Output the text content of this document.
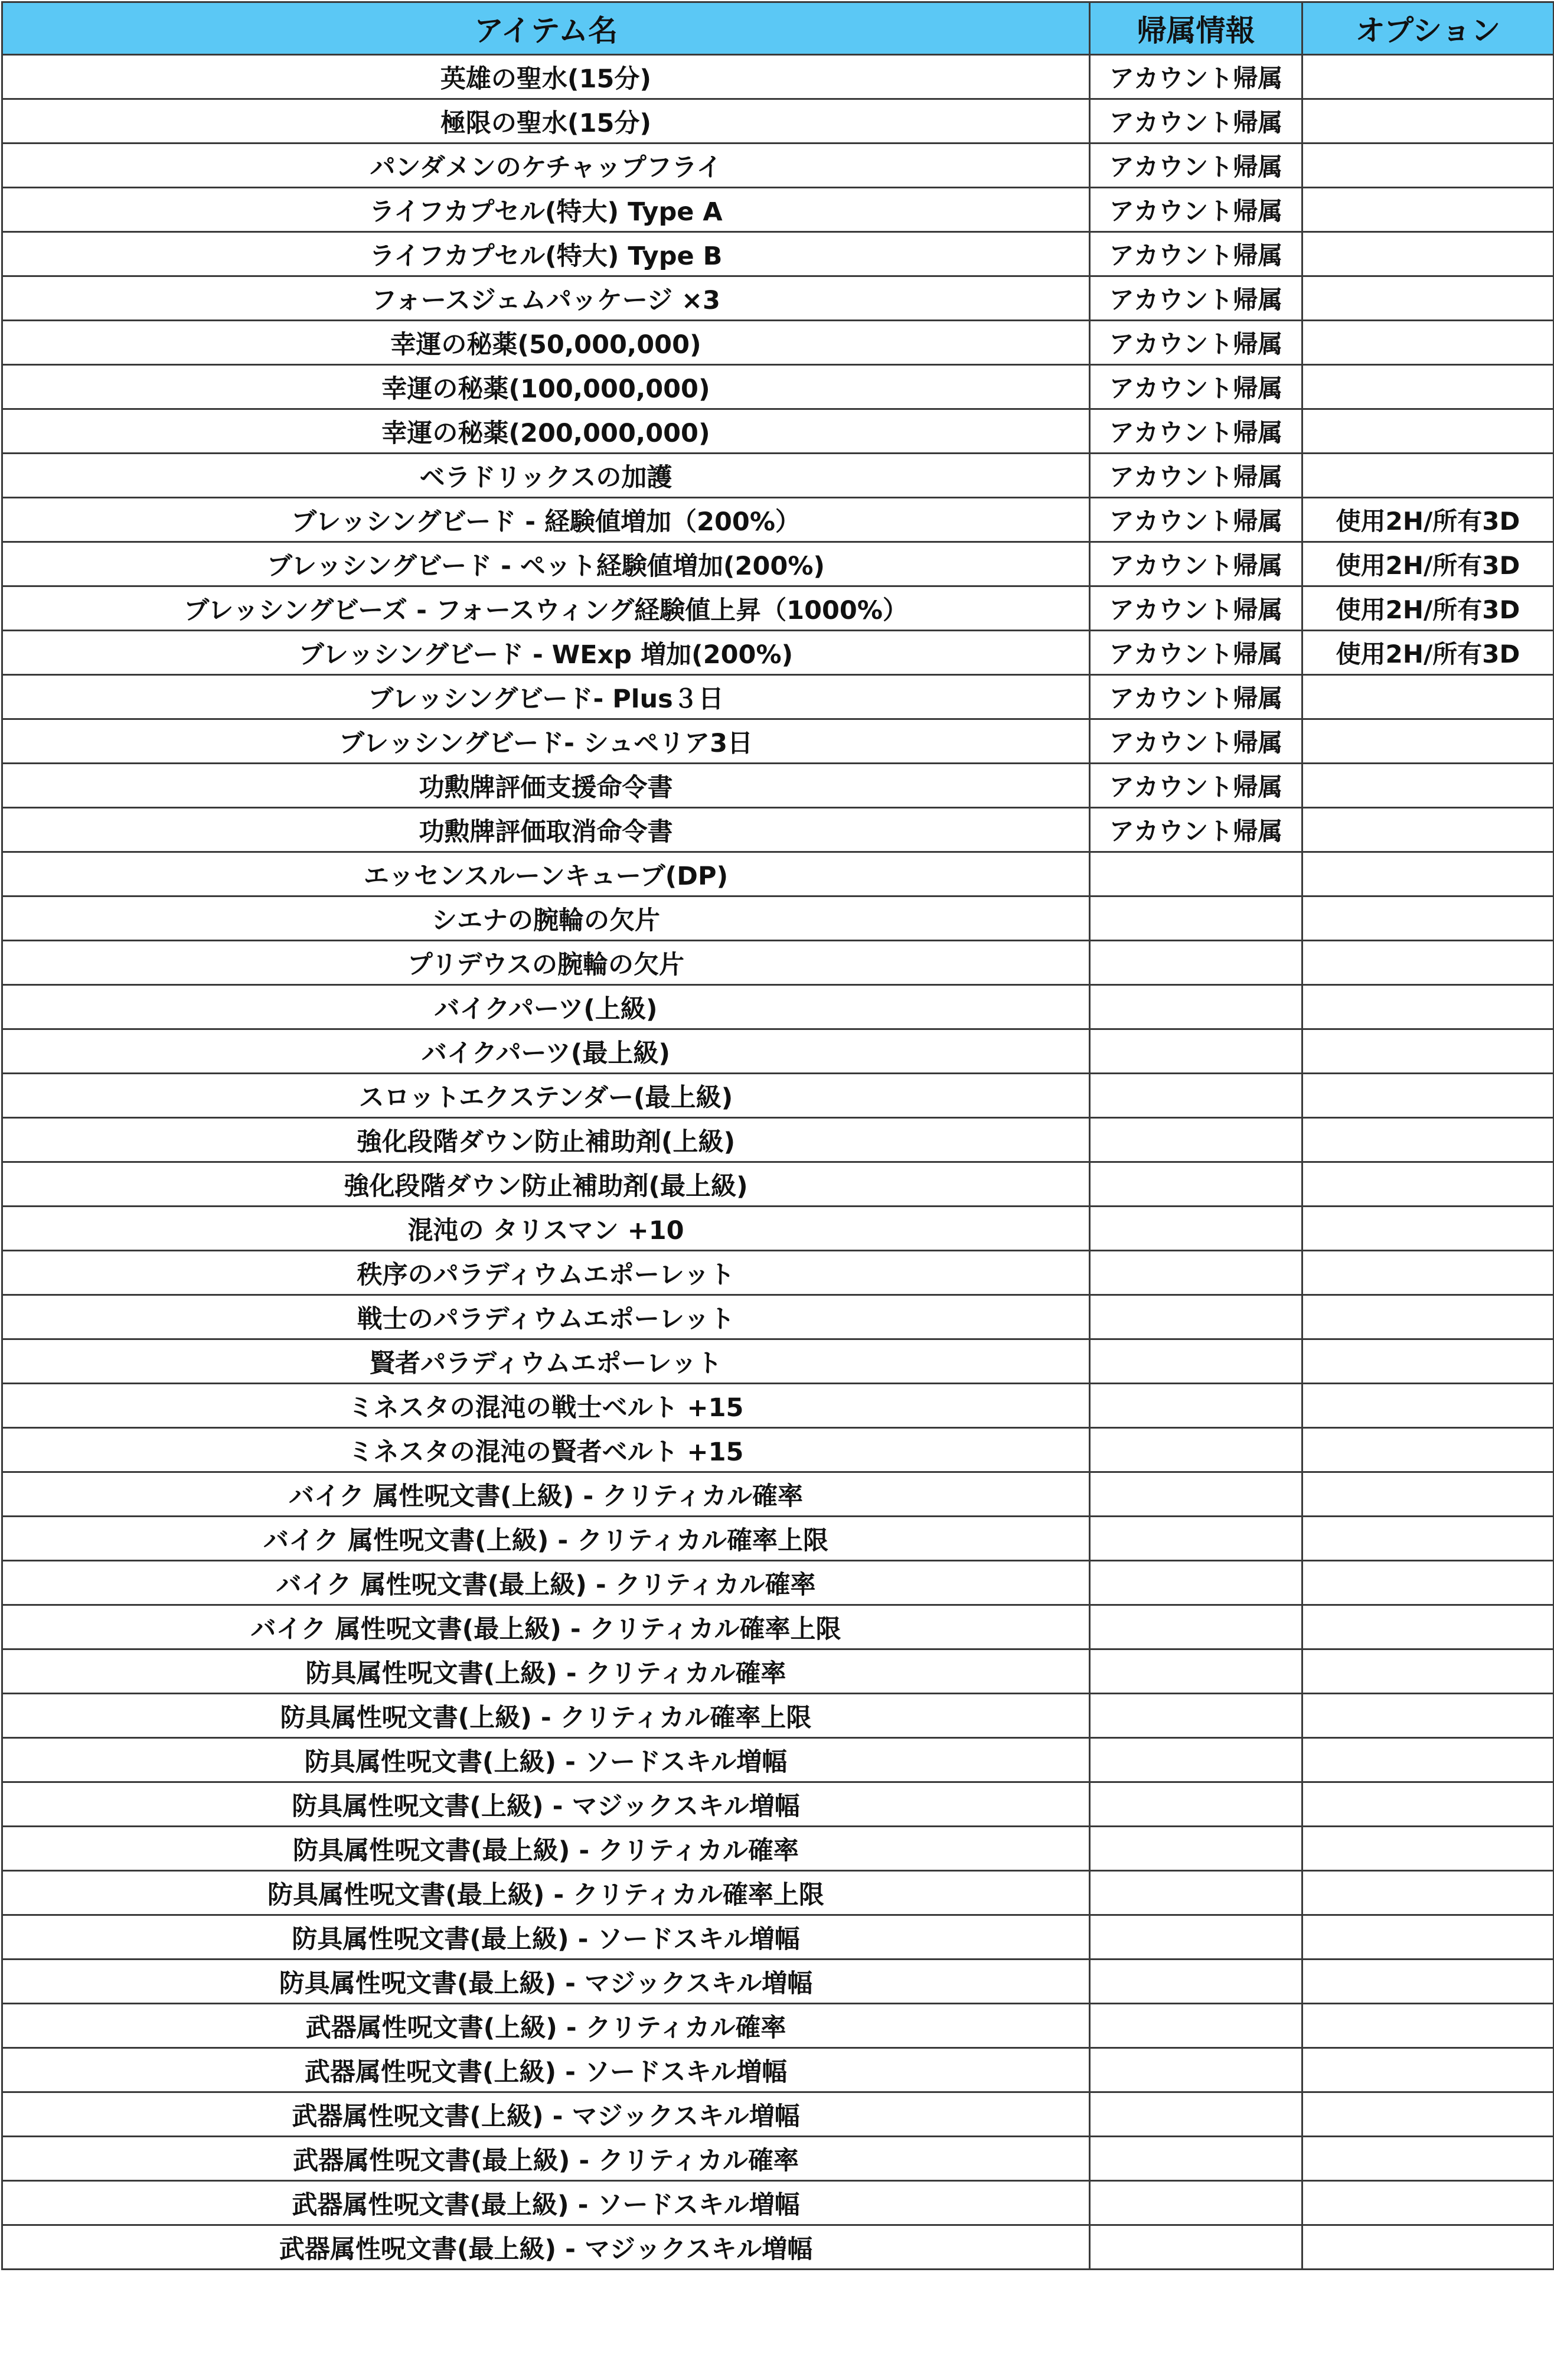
アイテム名	帰属情報	オプション
英雄の聖水(15分)	アカウント帰属	
極限の聖水(15分)	アカウント帰属	
パンダメンのケチャップフライ	アカウント帰属	
ライフカプセル(特大) Type A	アカウント帰属	
ライフカプセル(特大) Type B	アカウント帰属	
フォースジェムパッケージ ×3	アカウント帰属	
幸運の秘薬(50,000,000)	アカウント帰属	
幸運の秘薬(100,000,000)	アカウント帰属	
幸運の秘薬(200,000,000)	アカウント帰属	
ベラドリックスの加護	アカウント帰属	
ブレッシングビード - 経験値増加（200%）	アカウント帰属	使用2H/所有3D
ブレッシングビード - ペット経験値増加(200%)	アカウント帰属	使用2H/所有3D
ブレッシングビーズ - フォースウィング経験値上昇（1000%）	アカウント帰属	使用2H/所有3D
ブレッシングビード - WExp 増加(200%)	アカウント帰属	使用2H/所有3D
ブレッシングビード- Plus３日	アカウント帰属	
ブレッシングビード- シュペリア3日	アカウント帰属	
功勲牌評価支援命令書	アカウント帰属	
功勲牌評価取消命令書	アカウント帰属	
エッセンスルーンキューブ(DP)		
シエナの腕輪の欠片		
プリデウスの腕輪の欠片		
バイクパーツ(上級)		
バイクパーツ(最上級)		
スロットエクステンダー(最上級)		
強化段階ダウン防止補助剤(上級)		
強化段階ダウン防止補助剤(最上級)		
混沌の タリスマン +10		
秩序のパラディウムエポーレット		
戦士のパラディウムエポーレット		
賢者パラディウムエポーレット		
ミネスタの混沌の戦士ベルト +15		
ミネスタの混沌の賢者ベルト +15		
バイク 属性呪文書(上級) - クリティカル確率		
バイク 属性呪文書(上級) - クリティカル確率上限		
バイク 属性呪文書(最上級) - クリティカル確率		
バイク 属性呪文書(最上級) - クリティカル確率上限		
防具属性呪文書(上級) - クリティカル確率		
防具属性呪文書(上級) - クリティカル確率上限		
防具属性呪文書(上級) - ソードスキル増幅		
防具属性呪文書(上級) - マジックスキル増幅		
防具属性呪文書(最上級) - クリティカル確率		
防具属性呪文書(最上級) - クリティカル確率上限		
防具属性呪文書(最上級) - ソードスキル増幅		
防具属性呪文書(最上級) - マジックスキル増幅		
武器属性呪文書(上級) - クリティカル確率		
武器属性呪文書(上級) - ソードスキル増幅		
武器属性呪文書(上級) - マジックスキル増幅		
武器属性呪文書(最上級) - クリティカル確率		
武器属性呪文書(最上級) - ソードスキル増幅		
武器属性呪文書(最上級) - マジックスキル増幅		
